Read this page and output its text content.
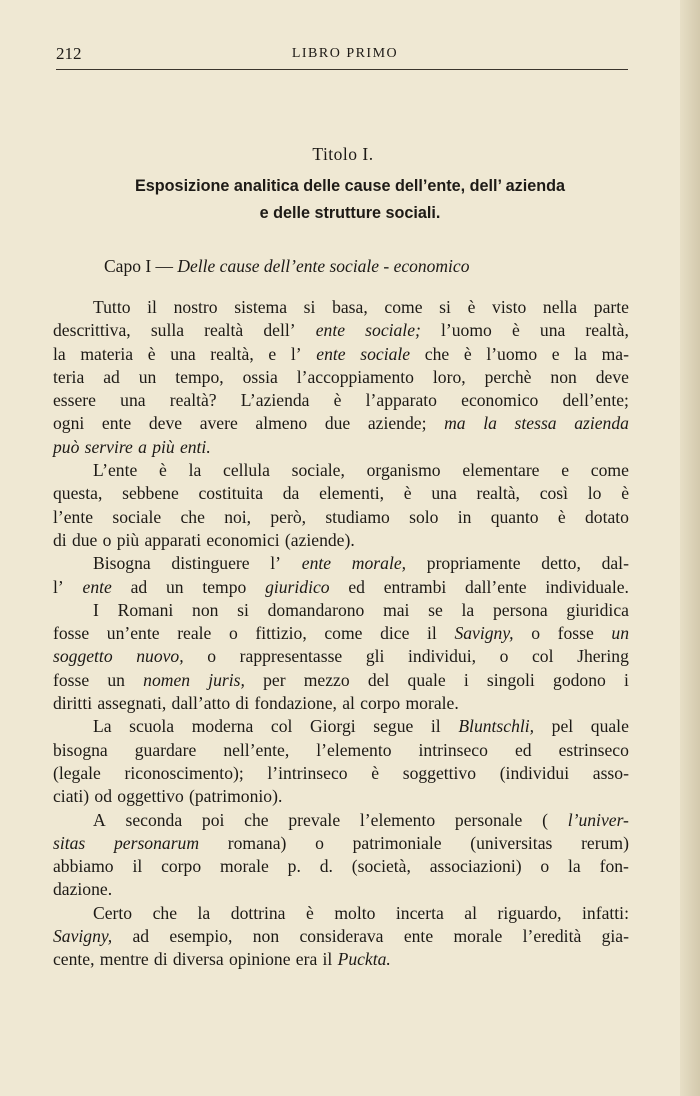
212	LIBRO PRIMO
Titolo I.
Esposizione analitica delle cause dell’ente, dell’ azienda
e delle strutture sociali.
Capo I — Delle cause dell’ente sociale - economico
Tutto il nostro sistema si basa, come si è visto nella parte
descrittiva, sulla realtà dell’ ente sociale; l’uomo è una realtà,
la materia è una realtà, e l’ ente sociale che è l’uomo e la ma-
teria ad un tempo, ossia l’accoppiamento loro, perchè non deve
essere una realtà? L’azienda è l’apparato economico dell’ente;
ogni ente deve avere almeno due aziende; ma la stessa azienda
può servire a più enti.
L’ente è la cellula sociale, organismo elementare e come
questa, sebbene costituita da elementi, è una realtà, così lo è
l’ente sociale che noi, però, studiamo solo in quanto è dotato
di due o più apparati economici (aziende).
Bisogna distinguere l’ ente morale, propriamente detto, dal-
l’ ente ad un tempo giuridico ed entrambi dall’ente individuale.
I Romani non si domandarono mai se la persona giuridica
fosse un’ente reale o fittizio, come dice il Savigny, o fosse un
soggetto nuovo, o rappresentasse gli individui, o col Jhering
fosse un nomen juris, per mezzo del quale i singoli godono i
diritti assegnati, dall’atto di fondazione, al corpo morale.
La scuola moderna col Giorgi segue il Bluntschli, pel quale
bisogna guardare nell’ente, l’elemento intrinseco ed estrinseco
(legale riconoscimento); l’intrinseco è soggettivo (individui asso-
ciati) od oggettivo (patrimonio).
A seconda poi che prevale l’elemento personale ( l’univer-
sitas personarum romana) o patrimoniale (universitas rerum)
abbiamo il corpo morale p. d. (società, associazioni) o la fon-
dazione.
Certo che la dottrina è molto incerta al riguardo, infatti:
Savigny, ad esempio, non considerava ente morale l’eredità gia-
cente, mentre di diversa opinione era il Puckta.
